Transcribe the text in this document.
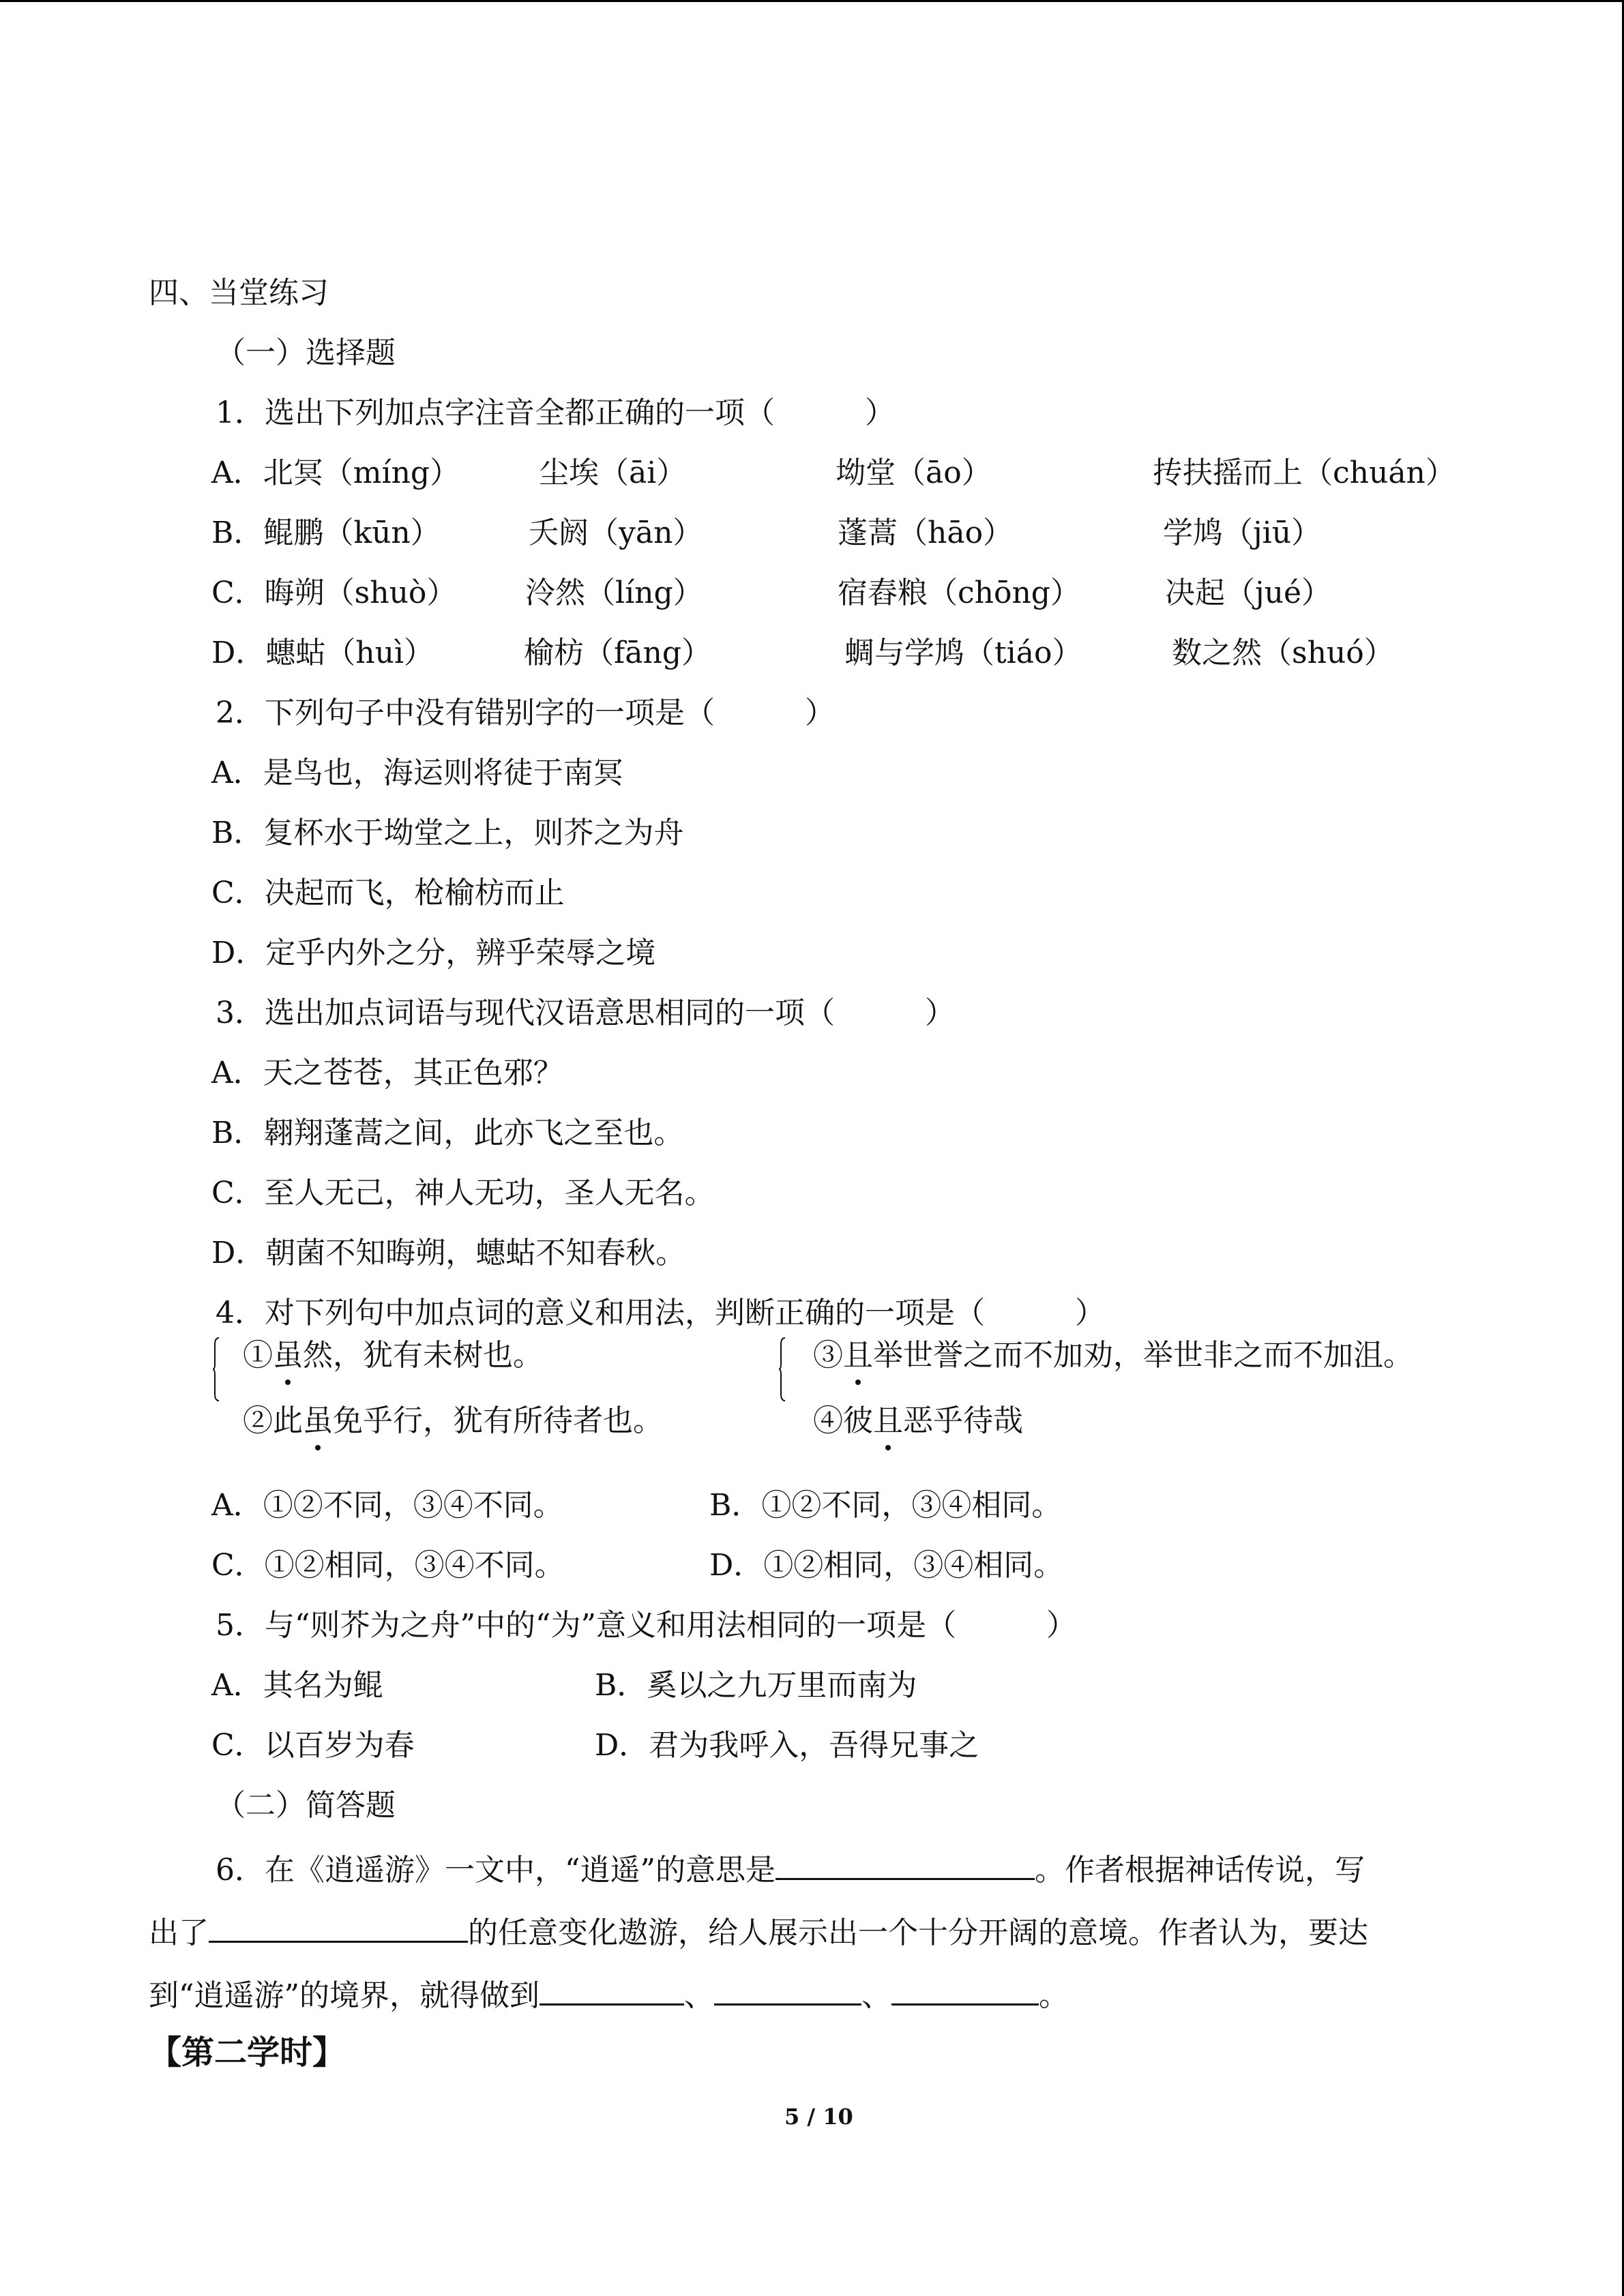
四、当堂练习
（一）选择题
1．选出下列加点字注音全都正确的一项（　　　）
A．北冥（míng）	尘埃（āi）	坳堂（āo）	抟扶摇而上（chuán）
B．鲲鹏（kūn）	夭阏（yān）	蓬蒿（hāo）	学鸠（jiū）
C．晦朔（shuò） 泠然（líng）	宿舂粮（chōng）	决起（jué）
D．蟪蛄（huì）	榆枋（fāng）	蜩与学鸠（tiáo）	数之然（shuó）
2．下列句子中没有错别字的一项是（　　　）
A．是鸟也，海运则将徒于南冥
B．复杯水于坳堂之上，则芥之为舟
C．决起而飞，枪榆枋而止
D．定乎内外之分，辨乎荣辱之境
3．选出加点词语与现代汉语意思相同的一项（　　　）
A．天之苍苍，其正色邪？
B．翱翔蓬蒿之间，此亦飞之至也。
C．至人无己，神人无功，圣人无名。
D．朝菌不知晦朔，蟪蛄不知春秋。
4．对下列句中加点词的意义和用法，判断正确的一项是（　　　）
①虽然，犹有未树也。
②此虽免乎行，犹有所待者也。
③且举世誉之而不加劝，举世非之而不加沮。
④彼且恶乎待哉
A．①②不同，③④不同。	B．①②不同，③④相同。
C．①②相同，③④不同。	D．①②相同，③④相同。
5．与“则芥为之舟”中的“为”意义和用法相同的一项是（　　　）
A．其名为鲲	B．奚以之九万里而南为
C．以百岁为春	D．君为我呼入，吾得兄事之
（二）简答题
6．在《逍遥游》一文中，“逍遥”的意思是	。作者根据神话传说，写
出了	的任意变化遨游，给人展示出一个十分开阔的意境。作者认为，要达
到“逍遥游”的境界，就得做到	、	、	。
【第二学时】
5 / 10
